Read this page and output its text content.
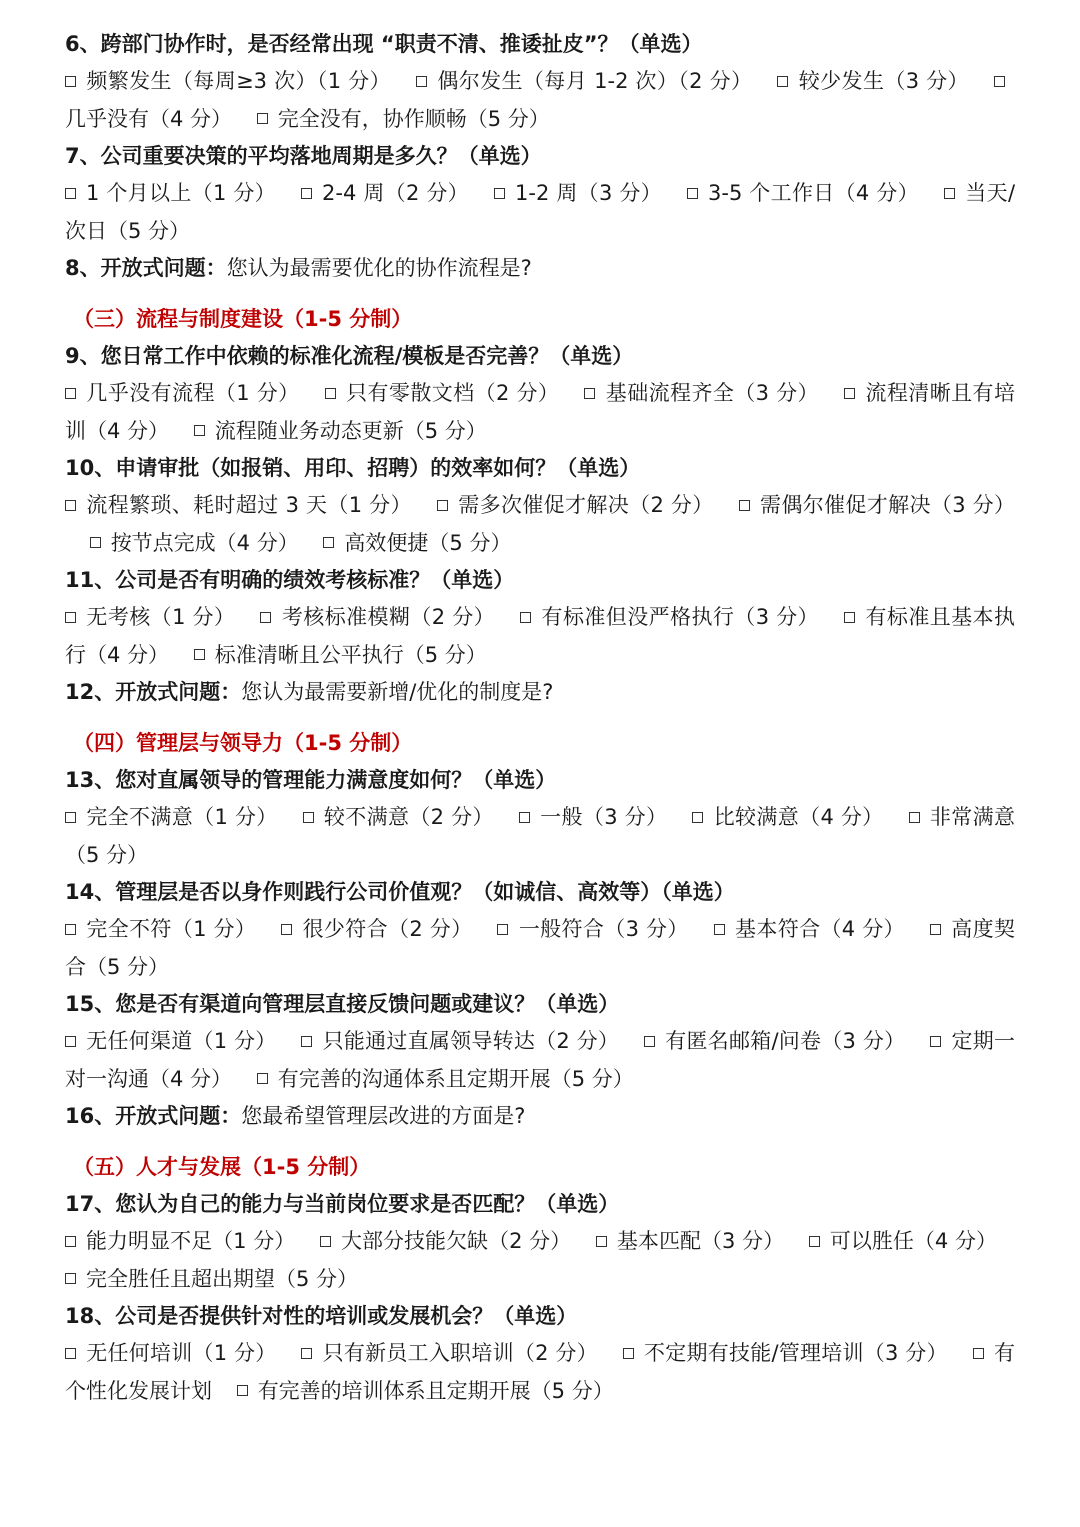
6、跨部门协作时，是否经常出现 “职责不清、推诿扯皮”？（单选）

频繁发生（每周≥3 次）（1 分） 偶尔发生（每月 1-2 次）（2 分） 较少发生（3 分） 几乎没有（4 分） 完全没有，协作顺畅（5 分）

7、公司重要决策的平均落地周期是多久？（单选）

1 个月以上（1 分） 2-4 周（2 分） 1-2 周（3 分） 3-5 个工作日（4 分） 当天/次日（5 分）

8、开放式问题：您认为最需要优化的协作流程是?

（三）流程与制度建设（1-5 分制）

9、您日常工作中依赖的标准化流程/模板是否完善？（单选）

几乎没有流程（1 分） 只有零散文档（2 分） 基础流程齐全（3 分） 流程清晰且有培训（4 分） 流程随业务动态更新（5 分）

10、申请审批（如报销、用印、招聘）的效率如何？（单选）

流程繁琐、耗时超过 3 天（1 分） 需多次催促才解决（2 分） 需偶尔催促才解决（3 分） 按节点完成（4 分） 高效便捷（5 分）

11、公司是否有明确的绩效考核标准？（单选）

无考核（1 分） 考核标准模糊（2 分） 有标准但没严格执行（3 分） 有标准且基本执行（4 分） 标准清晰且公平执行（5 分）

12、开放式问题：您认为最需要新增/优化的制度是?

（四）管理层与领导力（1-5 分制）

13、您对直属领导的管理能力满意度如何？（单选）

完全不满意（1 分） 较不满意（2 分） 一般（3 分） 比较满意（4 分） 非常满意（5 分）

14、管理层是否以身作则践行公司价值观？（如诚信、高效等）（单选）

完全不符（1 分） 很少符合（2 分） 一般符合（3 分） 基本符合（4 分） 高度契合（5 分）

15、您是否有渠道向管理层直接反馈问题或建议？（单选）

无任何渠道（1 分） 只能通过直属领导转达（2 分） 有匿名邮箱/问卷（3 分） 定期一对一沟通（4 分） 有完善的沟通体系且定期开展（5 分）

16、开放式问题：您最希望管理层改进的方面是?

（五）人才与发展（1-5 分制）

17、您认为自己的能力与当前岗位要求是否匹配？（单选）

能力明显不足（1 分） 大部分技能欠缺（2 分） 基本匹配（3 分） 可以胜任（4 分） 完全胜任且超出期望（5 分）

18、公司是否提供针对性的培训或发展机会？（单选）

无任何培训（1 分） 只有新员工入职培训（2 分） 不定期有技能/管理培训（3 分） 有个性化发展计划 有完善的培训体系且定期开展（5 分）
